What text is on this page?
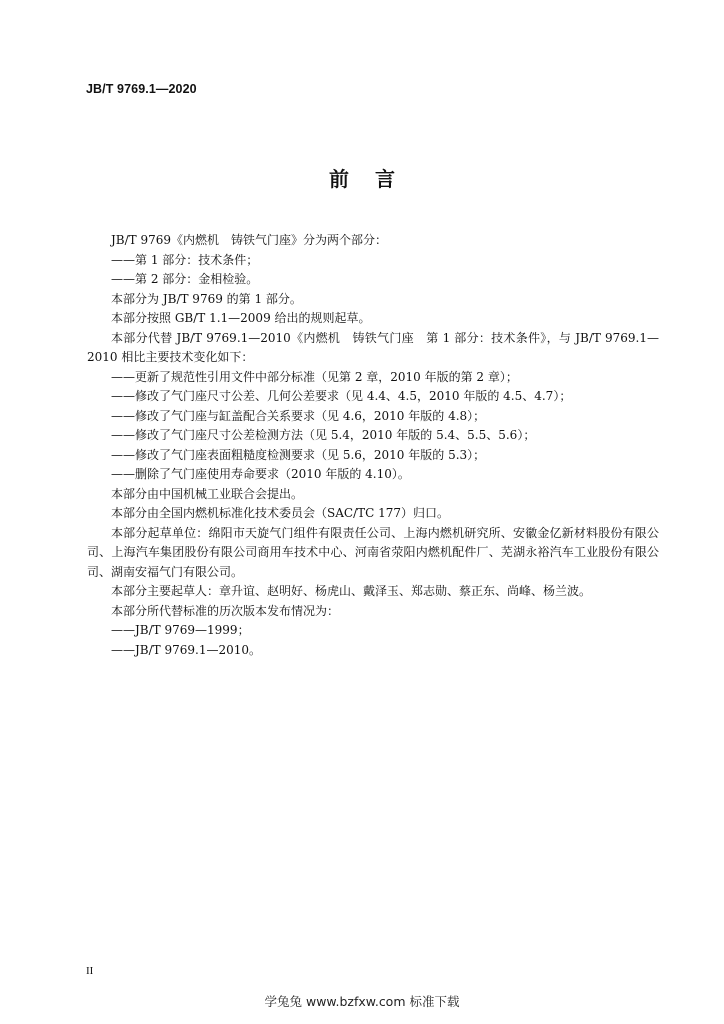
JB/T 9769.1—2020
前言

JB/T 9769《内燃机　铸铁气门座》分为两个部分：

——第 1 部分：技术条件；

——第 2 部分：金相检验。

本部分为 JB/T 9769 的第 1 部分。

本部分按照 GB/T 1.1—2009 给出的规则起草。

本部分代替 JB/T 9769.1—2010《内燃机　铸铁气门座　第 1 部分：技术条件》，与 JB/T 9769.1—2010 相比主要技术变化如下：

——更新了规范性引用文件中部分标准（见第 2 章，2010 年版的第 2 章）；

——修改了气门座尺寸公差、几何公差要求（见 4.4、4.5，2010 年版的 4.5、4.7）；

——修改了气门座与缸盖配合关系要求（见 4.6，2010 年版的 4.8）；

——修改了气门座尺寸公差检测方法（见 5.4，2010 年版的 5.4、5.5、5.6）；

——修改了气门座表面粗糙度检测要求（见 5.6，2010 年版的 5.3）；

——删除了气门座使用寿命要求（2010 年版的 4.10）。

本部分由中国机械工业联合会提出。

本部分由全国内燃机标准化技术委员会（SAC/TC 177）归口。

本部分起草单位：绵阳市天旋气门组件有限责任公司、上海内燃机研究所、安徽金亿新材料股份有限公司、上海汽车集团股份有限公司商用车技术中心、河南省荥阳内燃机配件厂、芜湖永裕汽车工业股份有限公司、湖南安福气门有限公司。

本部分主要起草人：章升谊、赵明好、杨虎山、戴泽玉、郑志勋、蔡正东、尚峰、杨兰波。

本部分所代替标准的历次版本发布情况为：

——JB/T 9769—1999；

——JB/T 9769.1—2010。

II
学兔兔 www.bzfxw.com 标准下载
